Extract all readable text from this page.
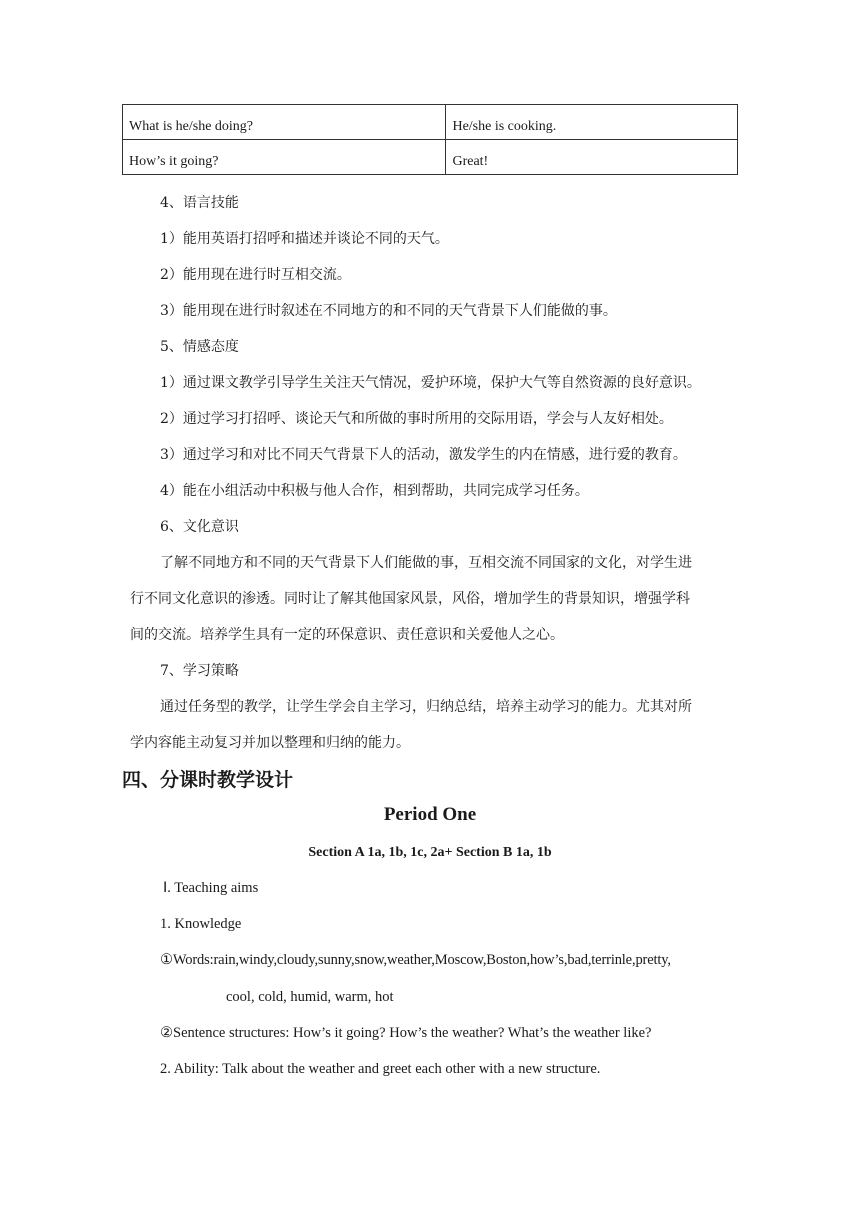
What is he/she doing?	He/she is cooking.
How’s it going?	Great!
4、语言技能
1）能用英语打招呼和描述并谈论不同的天气。
2）能用现在进行时互相交流。
3）能用现在进行时叙述在不同地方的和不同的天气背景下人们能做的事。
5、情感态度
1）通过课文教学引导学生关注天气情况，爱护环境，保护大气等自然资源的良好意识。
2）通过学习打招呼、谈论天气和所做的事时所用的交际用语，学会与人友好相处。
3）通过学习和对比不同天气背景下人的活动，激发学生的内在情感，进行爱的教育。
4）能在小组活动中积极与他人合作，相到帮助，共同完成学习任务。
6、文化意识
了解不同地方和不同的天气背景下人们能做的事，互相交流不同国家的文化，对学生进
行不同文化意识的渗透。同时让了解其他国家风景，风俗，增加学生的背景知识，增强学科
间的交流。培养学生具有一定的环保意识、责任意识和关爱他人之心。
7、学习策略
通过任务型的教学，让学生学会自主学习，归纳总结，培养主动学习的能力。尤其对所
学内容能主动复习并加以整理和归纳的能力。
四、分课时教学设计
Period One
Section A 1a, 1b, 1c, 2a+ Section B 1a, 1b
Ⅰ. Teaching aims
1. Knowledge
①Words:rain,windy,cloudy,sunny,snow,weather,Moscow,Boston,how’s,bad,terrinle,pretty,
cool, cold, humid, warm, hot
②Sentence structures: How’s it going? How’s the weather? What’s the weather like?
2. Ability: Talk about the weather and greet each other with a new structure.
